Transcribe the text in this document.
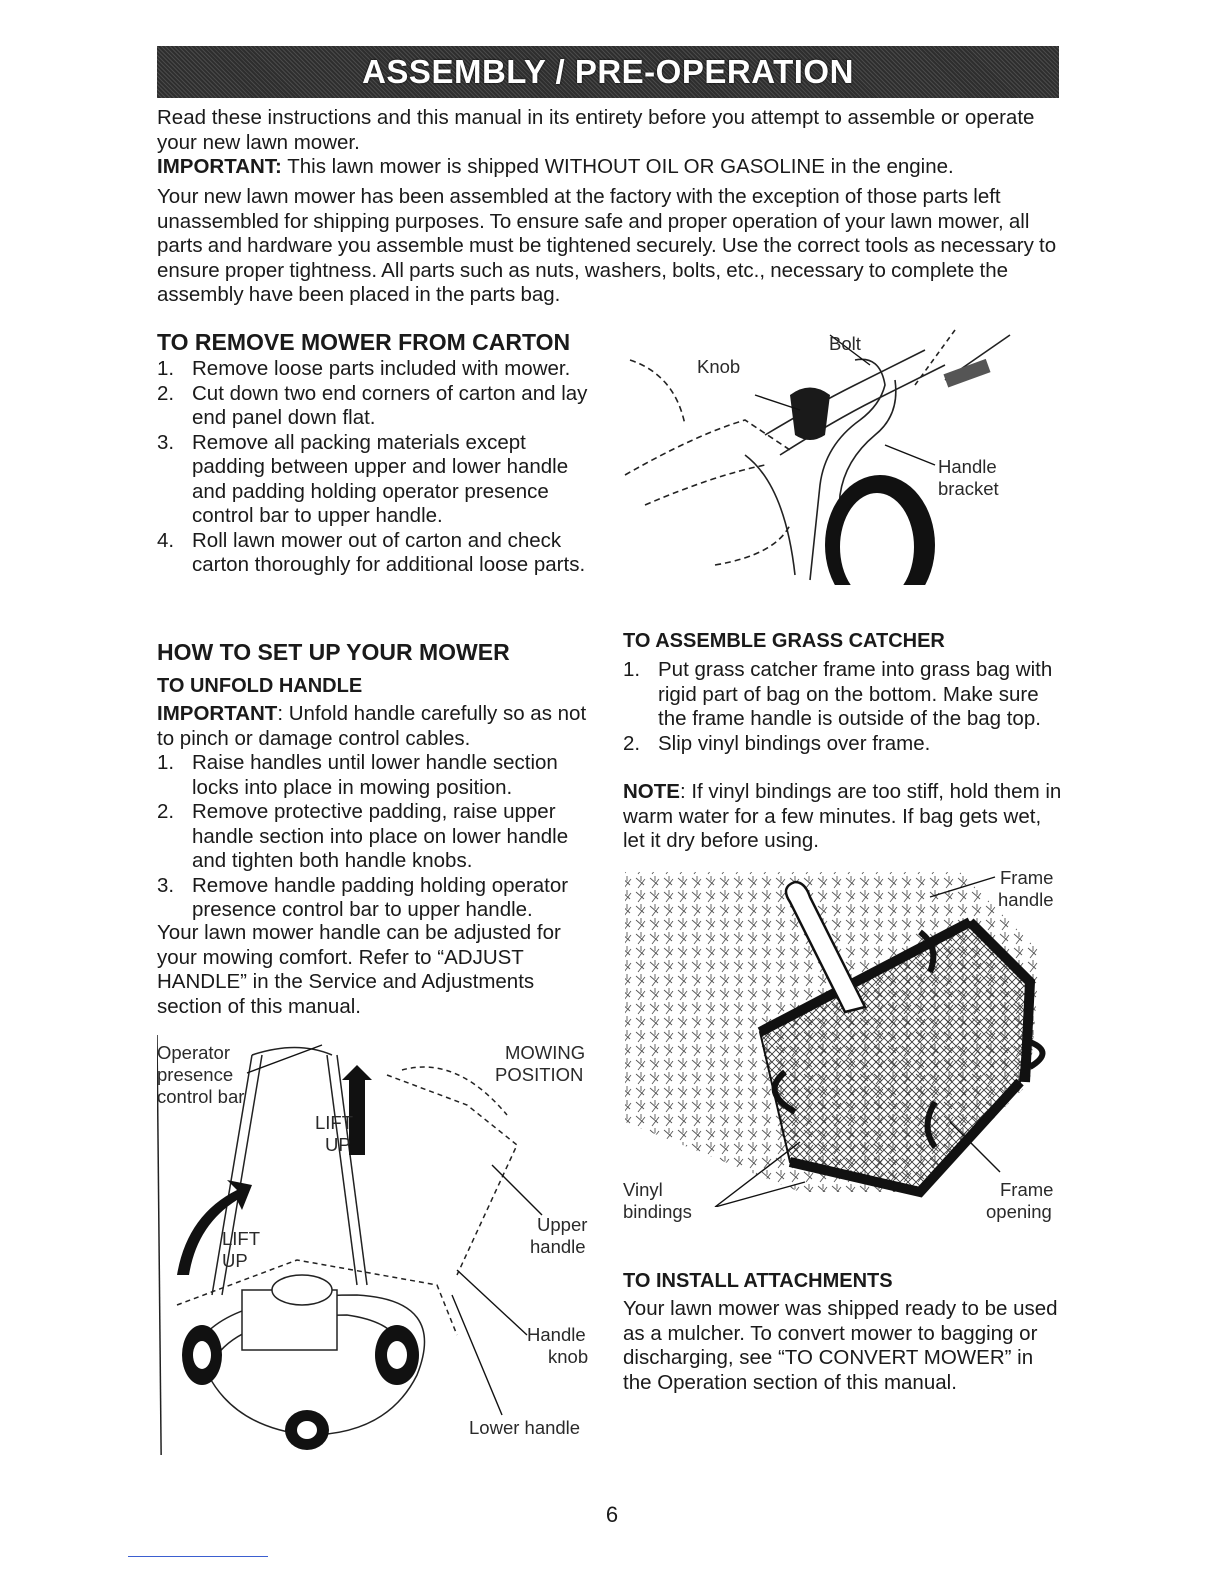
ASSEMBLY / PRE-OPERATION

Read these instructions and this manual in its entirety before you attempt to assemble or operate your new lawn mower.

IMPORTANT: This lawn mower is shipped WITHOUT OIL OR GASOLINE in the engine.

Your new lawn mower has been assembled at the factory with the exception of those parts left unassembled for shipping purposes. To ensure safe and proper operation of your lawn mower, all parts and hardware you assemble must be tightened securely. Use the correct tools as necessary to ensure proper tightness. All parts such as nuts, washers, bolts, etc., necessary to complete the assembly have been placed in the parts bag.

TO REMOVE MOWER FROM CARTON
1. Remove loose parts included with mower.
2. Cut down two end corners of carton and lay end panel down flat.
3. Remove all packing materials except padding between upper and lower handle and padding holding operator presence control bar to upper handle.
4. Roll lawn mower out of carton and check carton thoroughly for additional loose parts.
Bolt
Knob
Handle
bracket
HOW TO SET UP YOUR MOWER
TO UNFOLD HANDLE

IMPORTANT: Unfold handle carefully so as not to pinch or damage control cables.

1. Raise handles until lower handle section locks into place in mowing position.
2. Remove protective padding, raise upper handle section into place on lower handle and tighten both handle knobs.
3. Remove handle padding holding operator presence control bar to upper handle.

Your lawn mower handle can be adjusted for your mowing comfort. Refer to “ADJUST HANDLE” in the Service and Adjustments section of this manual.

Operator
presence
control bar
MOWING
POSITION
LIFT
UP
LIFT
UP
Upper
handle
Handle
knob
Lower handle
TO ASSEMBLE GRASS CATCHER
1. Put grass catcher frame into grass bag with rigid part of bag on the bottom. Make sure the frame handle is outside of the bag top.
2. Slip vinyl bindings over frame.

NOTE: If vinyl bindings are too stiff, hold them in warm water for a few minutes. If bag gets wet, let it dry before using.

Frame
handle
Vinyl
bindings
Frame
opening
TO INSTALL ATTACHMENTS

Your lawn mower was shipped ready to be used as a mulcher. To convert mower to bagging or discharging, see “TO CONVERT MOWER” in the Operation section of this manual.

6
